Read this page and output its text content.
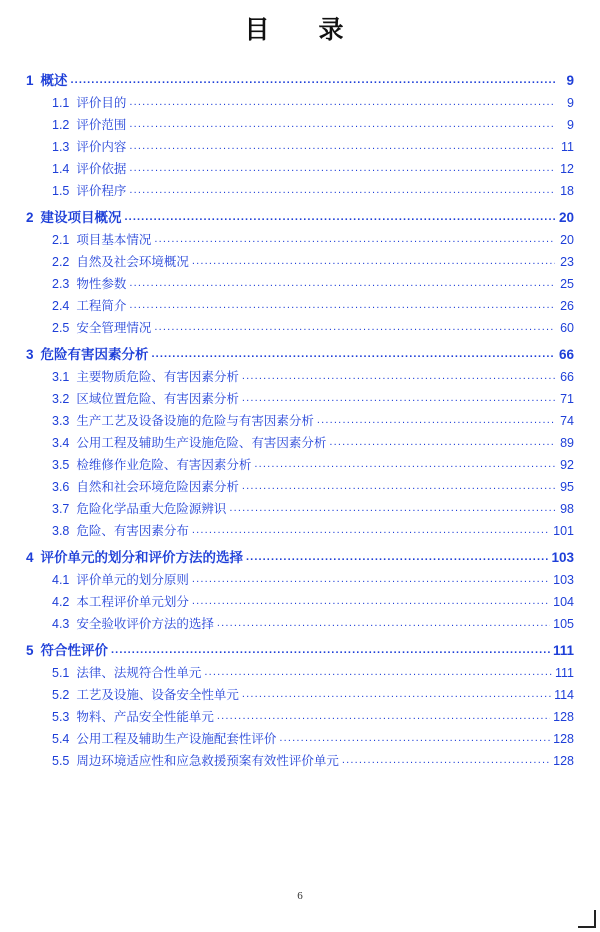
目　录
1 概述 .....	9
1.1 评价目的 .....	9
1.2 评价范围 .....	9
1.3 评价内容 .....	11
1.4 评价依据 .....	12
1.5 评价程序 .....	18
2 建设项目概况 .....	20
2.1 项目基本情况 .....	20
2.2 自然及社会环境概况 .....	23
2.3 物性参数 .....	25
2.4 工程简介 .....	26
2.5 安全管理情况 .....	60
3 危险有害因素分析 .....	66
3.1 主要物质危险、有害因素分析 .....	66
3.2 区域位置危险、有害因素分析 .....	71
3.3 生产工艺及设备设施的危险与有害因素分析 .....	74
3.4 公用工程及辅助生产设施危险、有害因素分析 .....	89
3.5 检维修作业危险、有害因素分析 .....	92
3.6 自然和社会环境危险因素分析 .....	95
3.7 危险化学品重大危险源辨识 .....	98
3.8 危险、有害因素分布 .....	101
4 评价单元的划分和评价方法的选择 .....	103
4.1 评价单元的划分原则 .....	103
4.2 本工程评价单元划分 .....	104
4.3 安全验收评价方法的选择 .....	105
5 符合性评价 .....	111
5.1 法律、法规符合性单元 .....	111
5.2 工艺及设施、设备安全性单元 .....	114
5.3 物料、产品安全性能单元 .....	128
5.4 公用工程及辅助生产设施配套性评价 .....	128
5.5 周边环境适应性和应急救援预案有效性评价单元 .....	128
6
